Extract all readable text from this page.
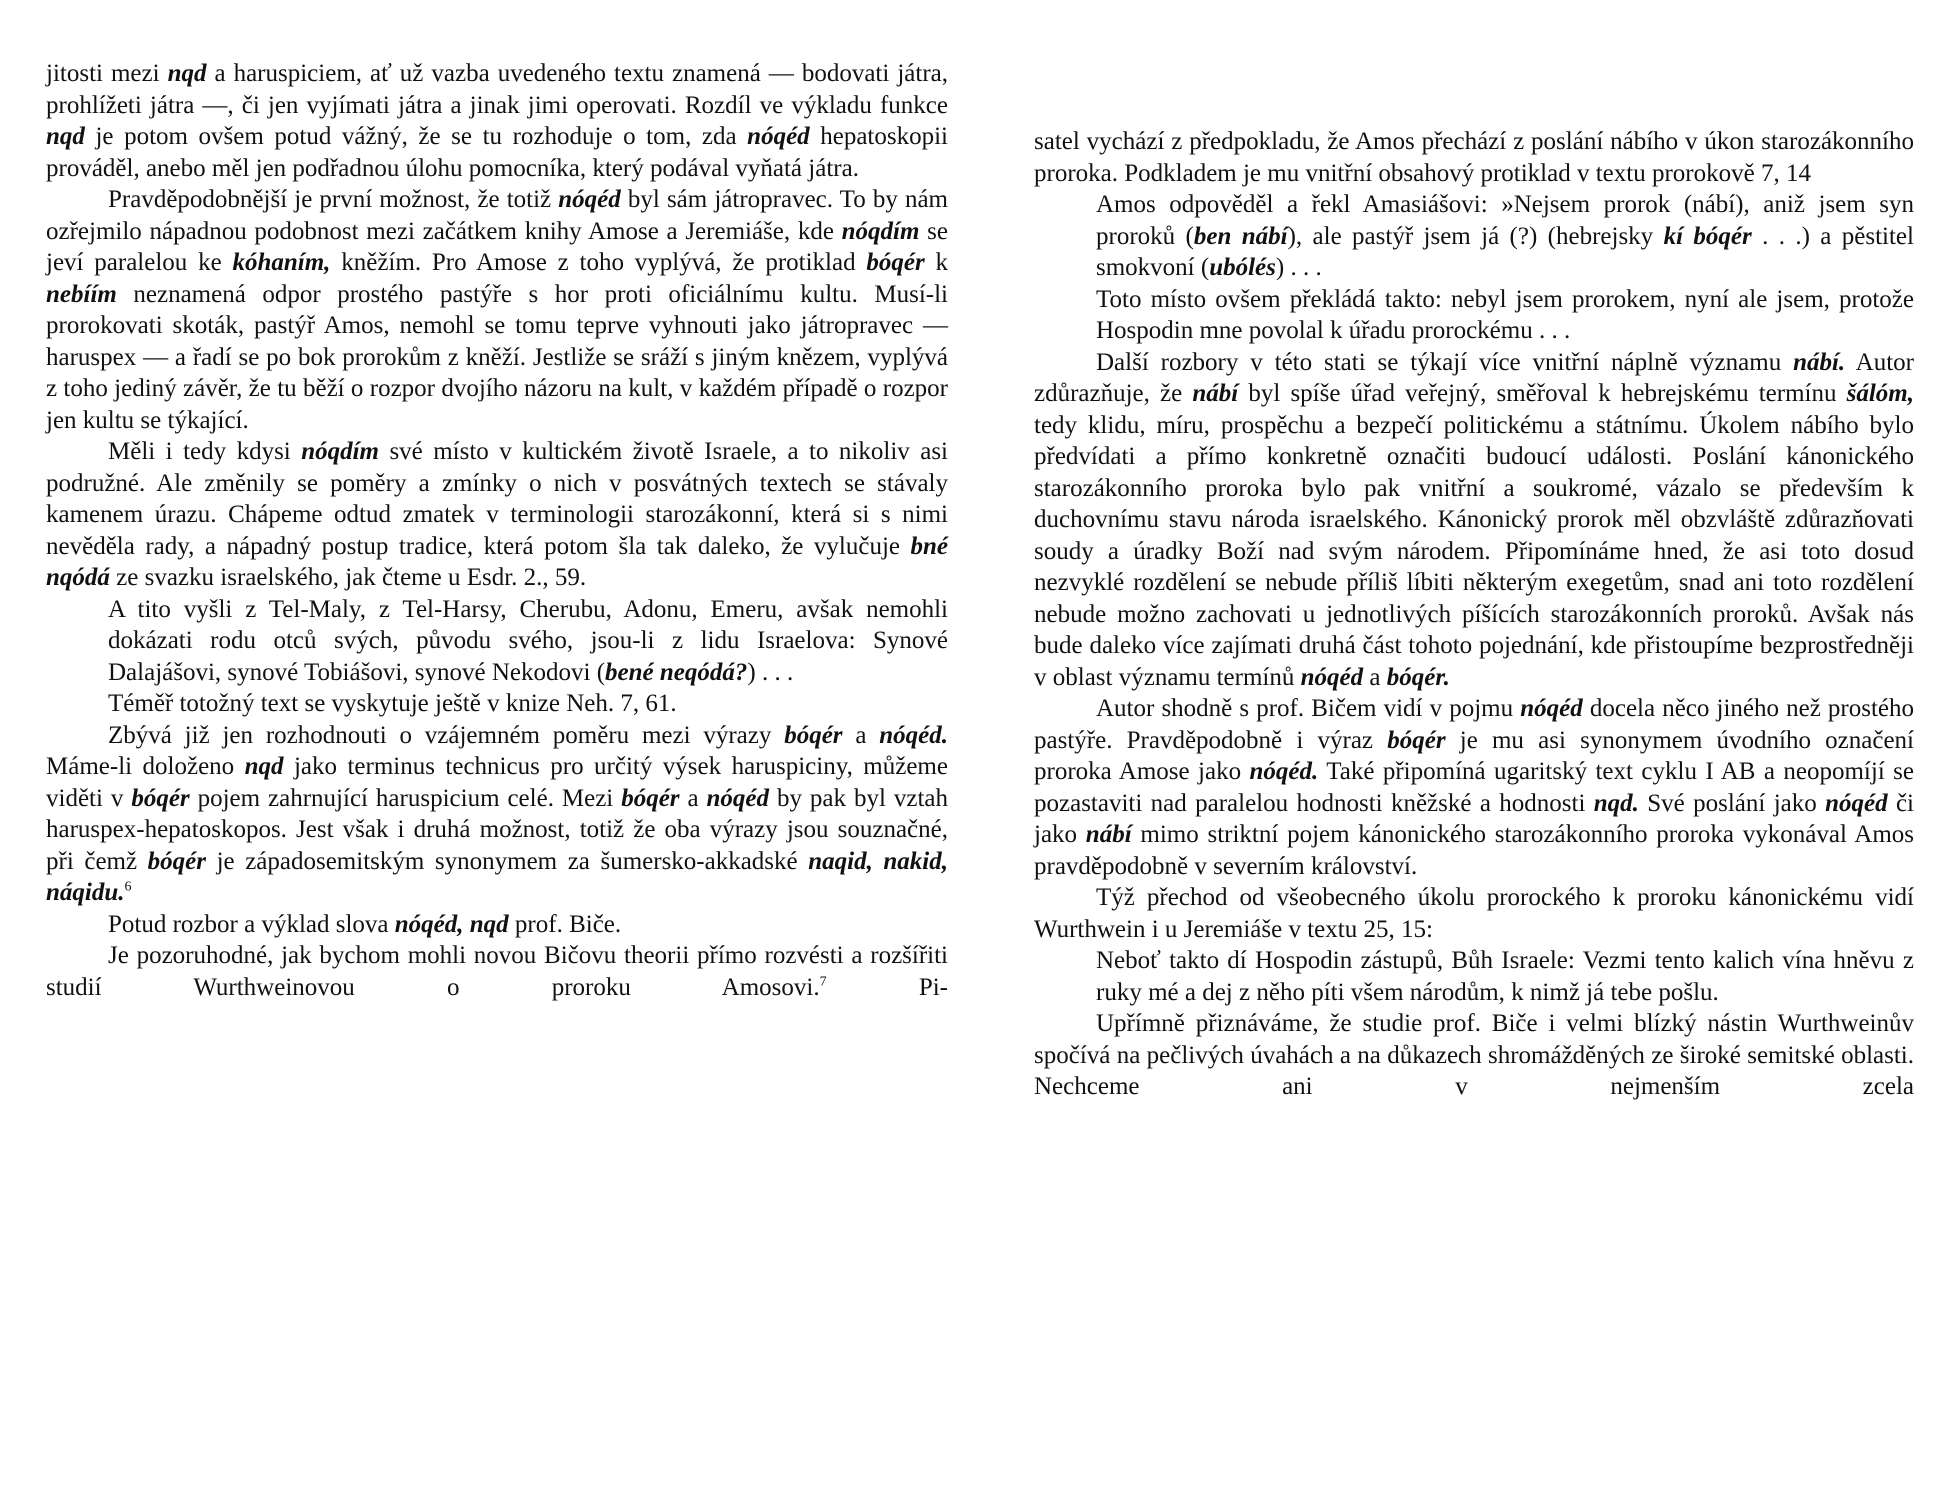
jitosti mezi nqd a haruspiciem, ať už vazba uvedeného textu znamená — bodovati játra, prohlížeti játra —, či jen vyjímati játra a jinak jimi operovati. Rozdíl ve výkladu funkce nqd je potom ovšem potud vážný, že se tu rozhoduje o tom, zda nóqéd hepatoskopii prováděl, anebo měl jen podřadnou úlohu pomocníka, který podával vyňatá játra.

Pravděpodobnější je první možnost, že totiž nóqéd byl sám játropravec. To by nám ozřejmilo nápadnou podobnost mezi začátkem knihy Amose a Jeremiáše, kde nóqdím se jeví paralelou ke kóhaním, kněžím. Pro Amose z toho vyplývá, že protiklad bóqér k nebíím neznamená odpor prostého pastýře s hor proti oficiálnímu kultu. Musí-li prorokovati skoták, pastýř Amos, nemohl se tomu teprve vyhnouti jako játropravec — haruspex — a řadí se po bok prorokům z kněží. Jestliže se sráží s jiným knězem, vyplývá z toho jediný závěr, že tu běží o rozpor dvojího názoru na kult, v každém případě o rozpor jen kultu se týkající.

Měli i tedy kdysi nóqdím své místo v kultickém životě Israele, a to nikoliv asi podružné. Ale změnily se poměry a zmínky o nich v posvátných textech se stávaly kamenem úrazu. Chápeme odtud zmatek v terminologii starozákonní, která si s nimi nevěděla rady, a nápadný postup tradice, která potom šla tak daleko, že vylučuje bné nqódá ze svazku israelského, jak čteme u Esdr. 2., 59.

A tito vyšli z Tel-Maly, z Tel-Harsy, Cherubu, Adonu, Emeru, avšak nemohli dokázati rodu otců svých, původu svého, jsou-li z lidu Israelova: Synové Dalajášovi, synové Tobiášovi, synové Nekodovi (bené neqódá?) . . .

Téměř totožný text se vyskytuje ještě v knize Neh. 7, 61.

Zbývá již jen rozhodnouti o vzájemném poměru mezi výrazy bóqér a nóqéd. Máme-li doloženo nqd jako terminus technicus pro určitý výsek haruspiciny, můžeme viděti v bóqér pojem zahrnující haruspicium celé. Mezi bóqér a nóqéd by pak byl vztah haruspex-hepatoskopos. Jest však i druhá možnost, totiž že oba výrazy jsou souznačné, při čemž bóqér je západosemitským synonymem za šumersko-akkadské naqid, nakid, náqidu.$^6$

Potud rozbor a výklad slova nóqéd, nqd prof. Biče.

Je pozoruhodné, jak bychom mohli novou Bičovu theorii přímo rozvésti a rozšířiti studií Wurthweinovou o proroku Amosovi.$^7$ Pi-

satel vychází z předpokladu, že Amos přechází z poslání nábího v úkon starozákonního proroka. Podkladem je mu vnitřní obsahový protiklad v textu prorokově 7, 14

Amos odpověděl a řekl Amasiášovi: »Nejsem prorok (nábí), aniž jsem syn proroků (ben nábí), ale pastýř jsem já (?) (hebrejsky kí bóqér . . .) a pěstitel smokvoní (ubólés) . . .

Toto místo ovšem překládá takto: nebyl jsem prorokem, nyní ale jsem, protože Hospodin mne povolal k úřadu prorockému . . .

Další rozbory v této stati se týkají více vnitřní náplně významu nábí. Autor zdůrazňuje, že nábí byl spíše úřad veřejný, směřoval k hebrejskému termínu šálóm, tedy klidu, míru, prospěchu a bezpečí politickému a státnímu. Úkolem nábího bylo předvídati a přímo konkretně označiti budoucí události. Poslání kánonického starozákonního proroka bylo pak vnitřní a soukromé, vázalo se především k duchovnímu stavu národa israelského. Kánonický prorok měl obzvláště zdůrazňovati soudy a úradky Boží nad svým národem. Připomínáme hned, že asi toto dosud nezvyklé rozdělení se nebude příliš líbiti některým exegetům, snad ani toto rozdělení nebude možno zachovati u jednotlivých píšících starozákonních proroků. Avšak nás bude daleko více zajímati druhá část tohoto pojednání, kde přistoupíme bezprostředněji v oblast významu termínů nóqéd a bóqér.

Autor shodně s prof. Bičem vidí v pojmu nóqéd docela něco jiného než prostého pastýře. Pravděpodobně i výraz bóqér je mu asi synonymem úvodního označení proroka Amose jako nóqéd. Také připomíná ugaritský text cyklu I AB a neopomíjí se pozastaviti nad paralelou hodnosti kněžské a hodnosti nqd. Své poslání jako nóqéd či jako nábí mimo striktní pojem kánonického starozákonního proroka vykonával Amos pravděpodobně v severním království.

Týž přechod od všeobecného úkolu prorockého k proroku kánonickému vidí Wurthwein i u Jeremiáše v textu 25, 15:

Neboť takto dí Hospodin zástupů, Bůh Israele: Vezmi tento kalich vína hněvu z ruky mé a dej z něho píti všem národům, k nimž já tebe pošlu.

Upřímně přiznáváme, že studie prof. Biče i velmi blízký nástin Wurthweinův spočívá na pečlivých úvahách a na důkazech shromážděných ze široké semitské oblasti. Nechceme ani v nejmenším zcela
